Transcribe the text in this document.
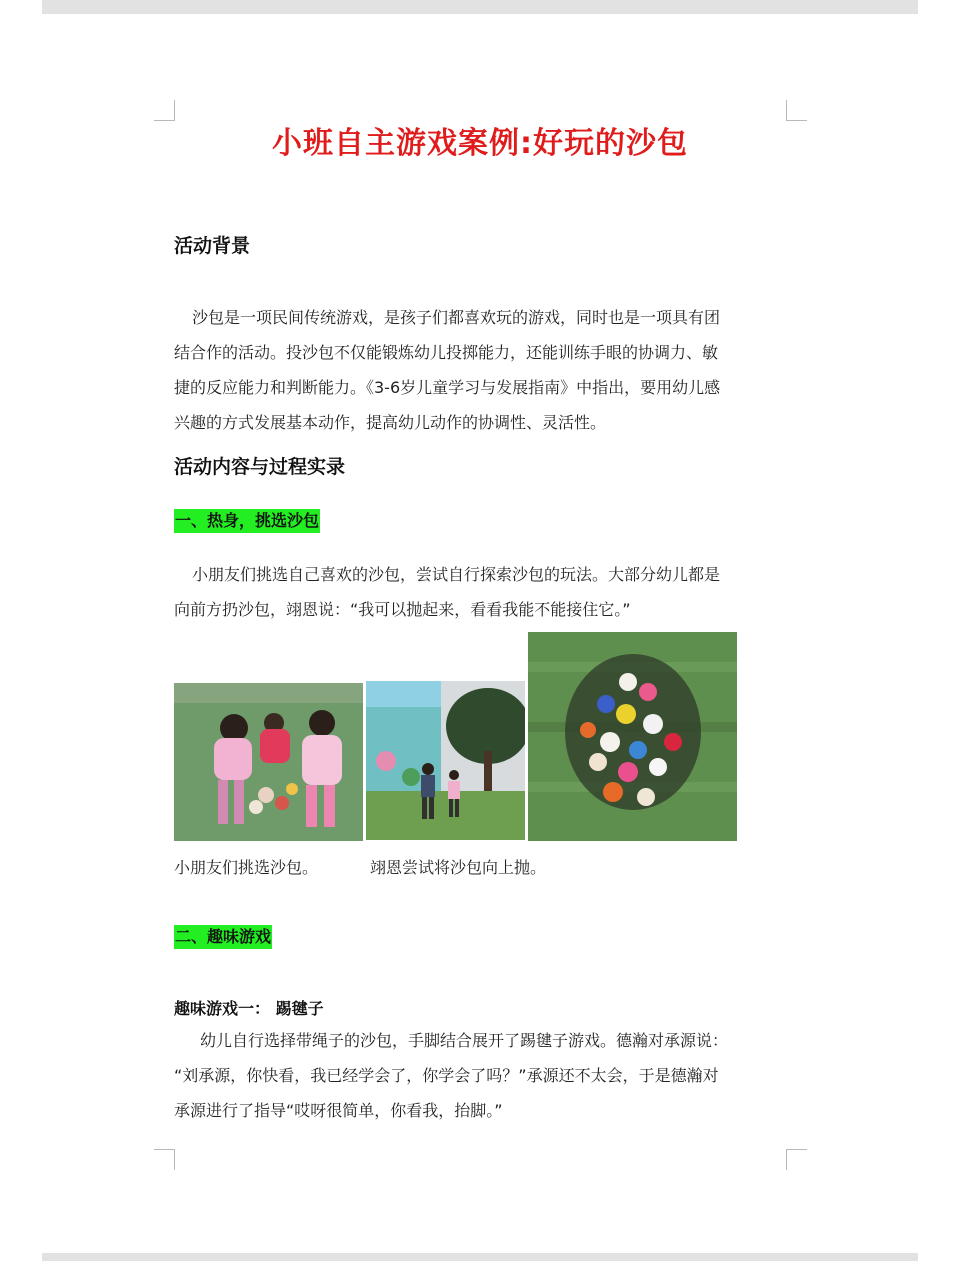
小班自主游戏案例:好玩的沙包
活动背景
沙包是一项民间传统游戏，是孩子们都喜欢玩的游戏，同时也是一项具有团
结合作的活动。投沙包不仅能锻炼幼儿投掷能力，还能训练手眼的协调力、敏
捷的反应能力和判断能力。《3-6岁儿童学习与发展指南》中指出，要用幼儿感
兴趣的方式发展基本动作，提高幼儿动作的协调性、灵活性。
活动内容与过程实录
一、热身，挑选沙包
小朋友们挑选自己喜欢的沙包，尝试自行探索沙包的玩法。大部分幼儿都是
向前方扔沙包，翊恩说：“我可以抛起来，看看我能不能接住它。”
小朋友们挑选沙包。	翊恩尝试将沙包向上抛。
二、趣味游戏
趣味游戏一： 踢毽子
幼儿自行选择带绳子的沙包，手脚结合展开了踢毽子游戏。德瀚对承源说：
“刘承源，你快看，我已经学会了，你学会了吗？”承源还不太会，于是德瀚对
承源进行了指导“哎呀很简单，你看我，抬脚。”
